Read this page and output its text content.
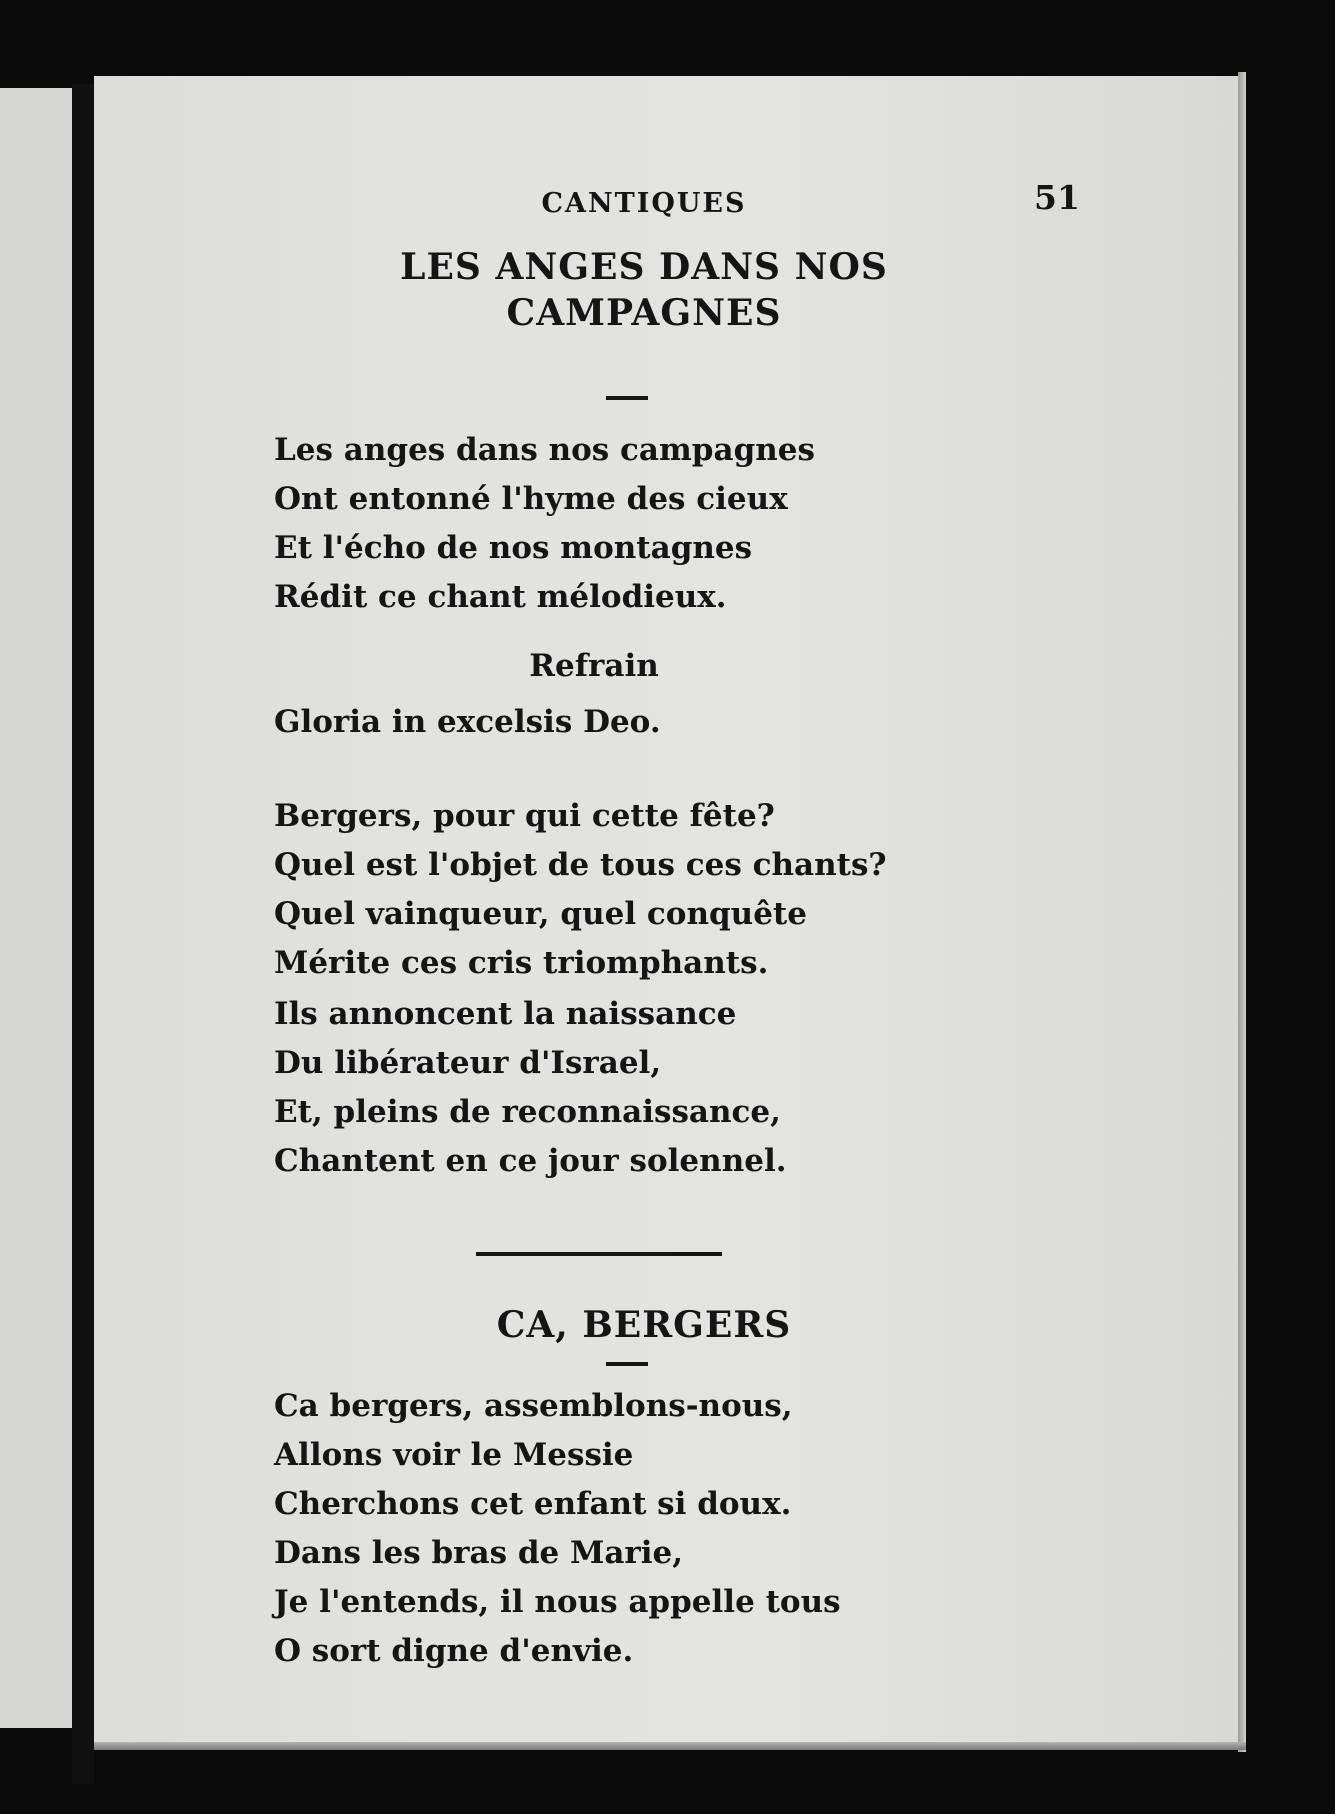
CANTIQUES	51
LES ANGES DANS NOS
CAMPAGNES
Les anges dans nos campagnes
Ont entonné l'hyme des cieux
Et l'écho de nos montagnes
Rédit ce chant mélodieux.
Refrain
Gloria in excelsis Deo.
Bergers, pour qui cette fête?
Quel est l'objet de tous ces chants?
Quel vainqueur, quel conquête
Mérite ces cris triomphants.
Ils annoncent la naissance
Du libérateur d'Israel,
Et, pleins de reconnaissance,
Chantent en ce jour solennel.
CA, BERGERS
Ca bergers, assemblons-nous,
Allons voir le Messie
Cherchons cet enfant si doux.
Dans les bras de Marie,
Je l'entends, il nous appelle tous
O sort digne d'envie.
